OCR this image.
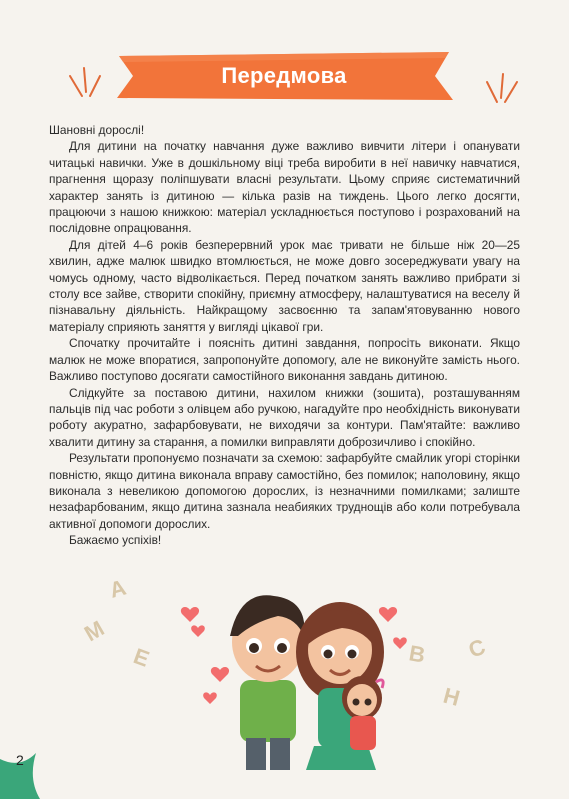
Передмова

Шановні дорослі!

Для дитини на початку навчання дуже важливо вивчити літери і опанувати читацькі навички. Уже в дошкільному віці треба виробити в неї навичку навчатися, прагнення щоразу поліпшувати власні результати. Цьому сприяє систематичний характер занять із дитиною — кілька разів на тиждень. Цього легко досягти, працюючи з нашою книжкою: матеріал ускладнюється поступово і розрахований на послідовне опрацювання.

Для дітей 4–6 років безперервний урок має тривати не більше ніж 20—25 хвилин, адже малюк швидко втомлюється, не може довго зосереджувати увагу на чомусь одному, часто відволікається. Перед початком занять важливо прибрати зі столу все зайве, створити спокійну, приємну атмосферу, налаштуватися на веселу й пізнавальну діяльність. Найкращому засвоєнню та запам'ятовуванню нового матеріалу сприяють заняття у вигляді цікавої гри.

Спочатку прочитайте і поясніть дитині завдання, попросіть виконати. Якщо малюк не може впоратися, запропонуйте допомогу, але не виконуйте замість нього. Важливо поступово досягати самостійного виконання завдань дитиною.

Слідкуйте за поставою дитини, нахилом книжки (зошита), розташуванням пальців під час роботи з олівцем або ручкою, нагадуйте про необхідність виконувати роботу акуратно, зафарбовувати, не виходячи за контури. Пам'ятайте: важливо хвалити дитину за старання, а помилки виправляти доброзичливо і спокійно.

Результати пропонуємо позначати за схемою: зафарбуйте смайлик угорі сторінки повністю, якщо дитина виконала вправу самостійно, без помилок; наполовину, якщо виконала з невеликою допомогою дорослих, із незначними помилками; залиште незафарбованим, якщо дитина зазнала неабияких труднощів або коли потребувала активної допомоги дорослих.

Бажаємо успіхів!

А
М
Е	В С
Н
2
